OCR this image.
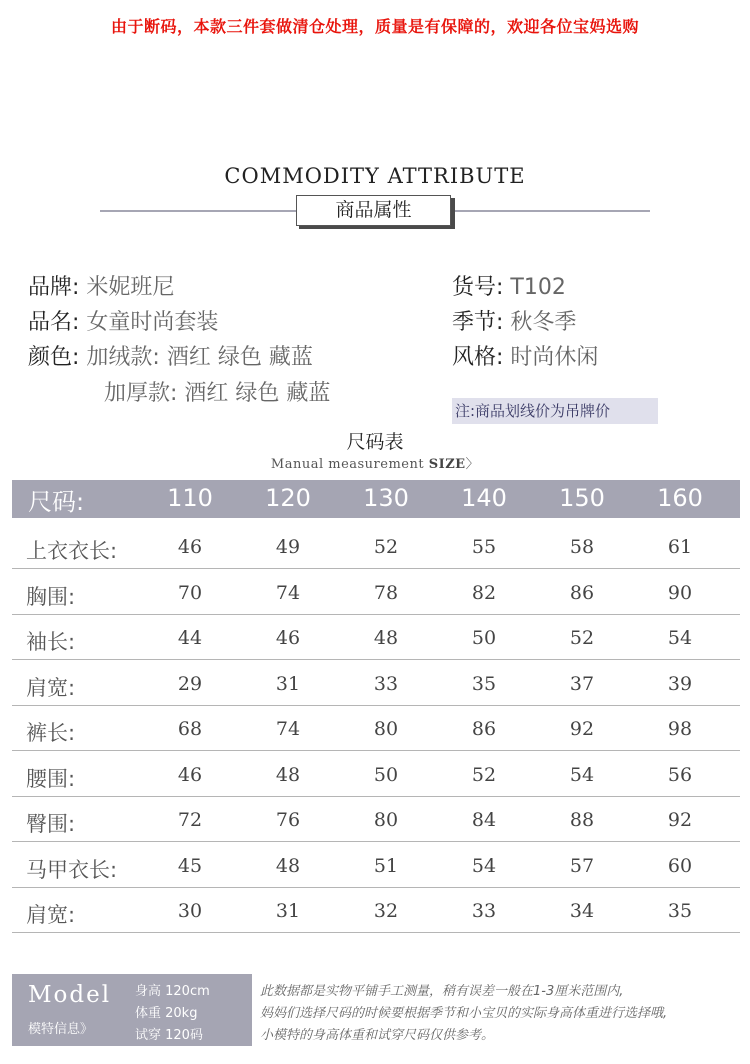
由于断码，本款三件套做清仓处理，质量是有保障的，欢迎各位宝妈选购
COMMODITY ATTRIBUTE
商品属性
品牌: 米妮班尼
品名: 女童时尚套装
颜色: 加绒款: 酒红 绿色 藏蓝
加厚款: 酒红 绿色 藏蓝
货号: T102
季节: 秋冬季
风格: 时尚休闲
注:商品划线价为吊牌价
尺码表
Manual measurement SIZE〉
尺码:	110	120	130	140	150	160
上衣衣长:	46	49	52	55	58	61
胸围:	70	74	78	82	86	90
袖长:	44	46	48	50	52	54
肩宽:	29	31	33	35	37	39
裤长:	68	74	80	86	92	98
腰围:	46	48	50	52	54	56
臀围:	72	76	80	84	88	92
马甲衣长:	45	48	51	54	57	60
肩宽:	30	31	32	33	34	35
Model
模特信息》
身高 120cm
体重 20kg
试穿 120码
此数据都是实物平铺手工测量，稍有误差一般在1-3厘米范围内,
妈妈们选择尺码的时候要根据季节和小宝贝的实际身高体重进行选择哦,
小模特的身高体重和试穿尺码仅供参考。
